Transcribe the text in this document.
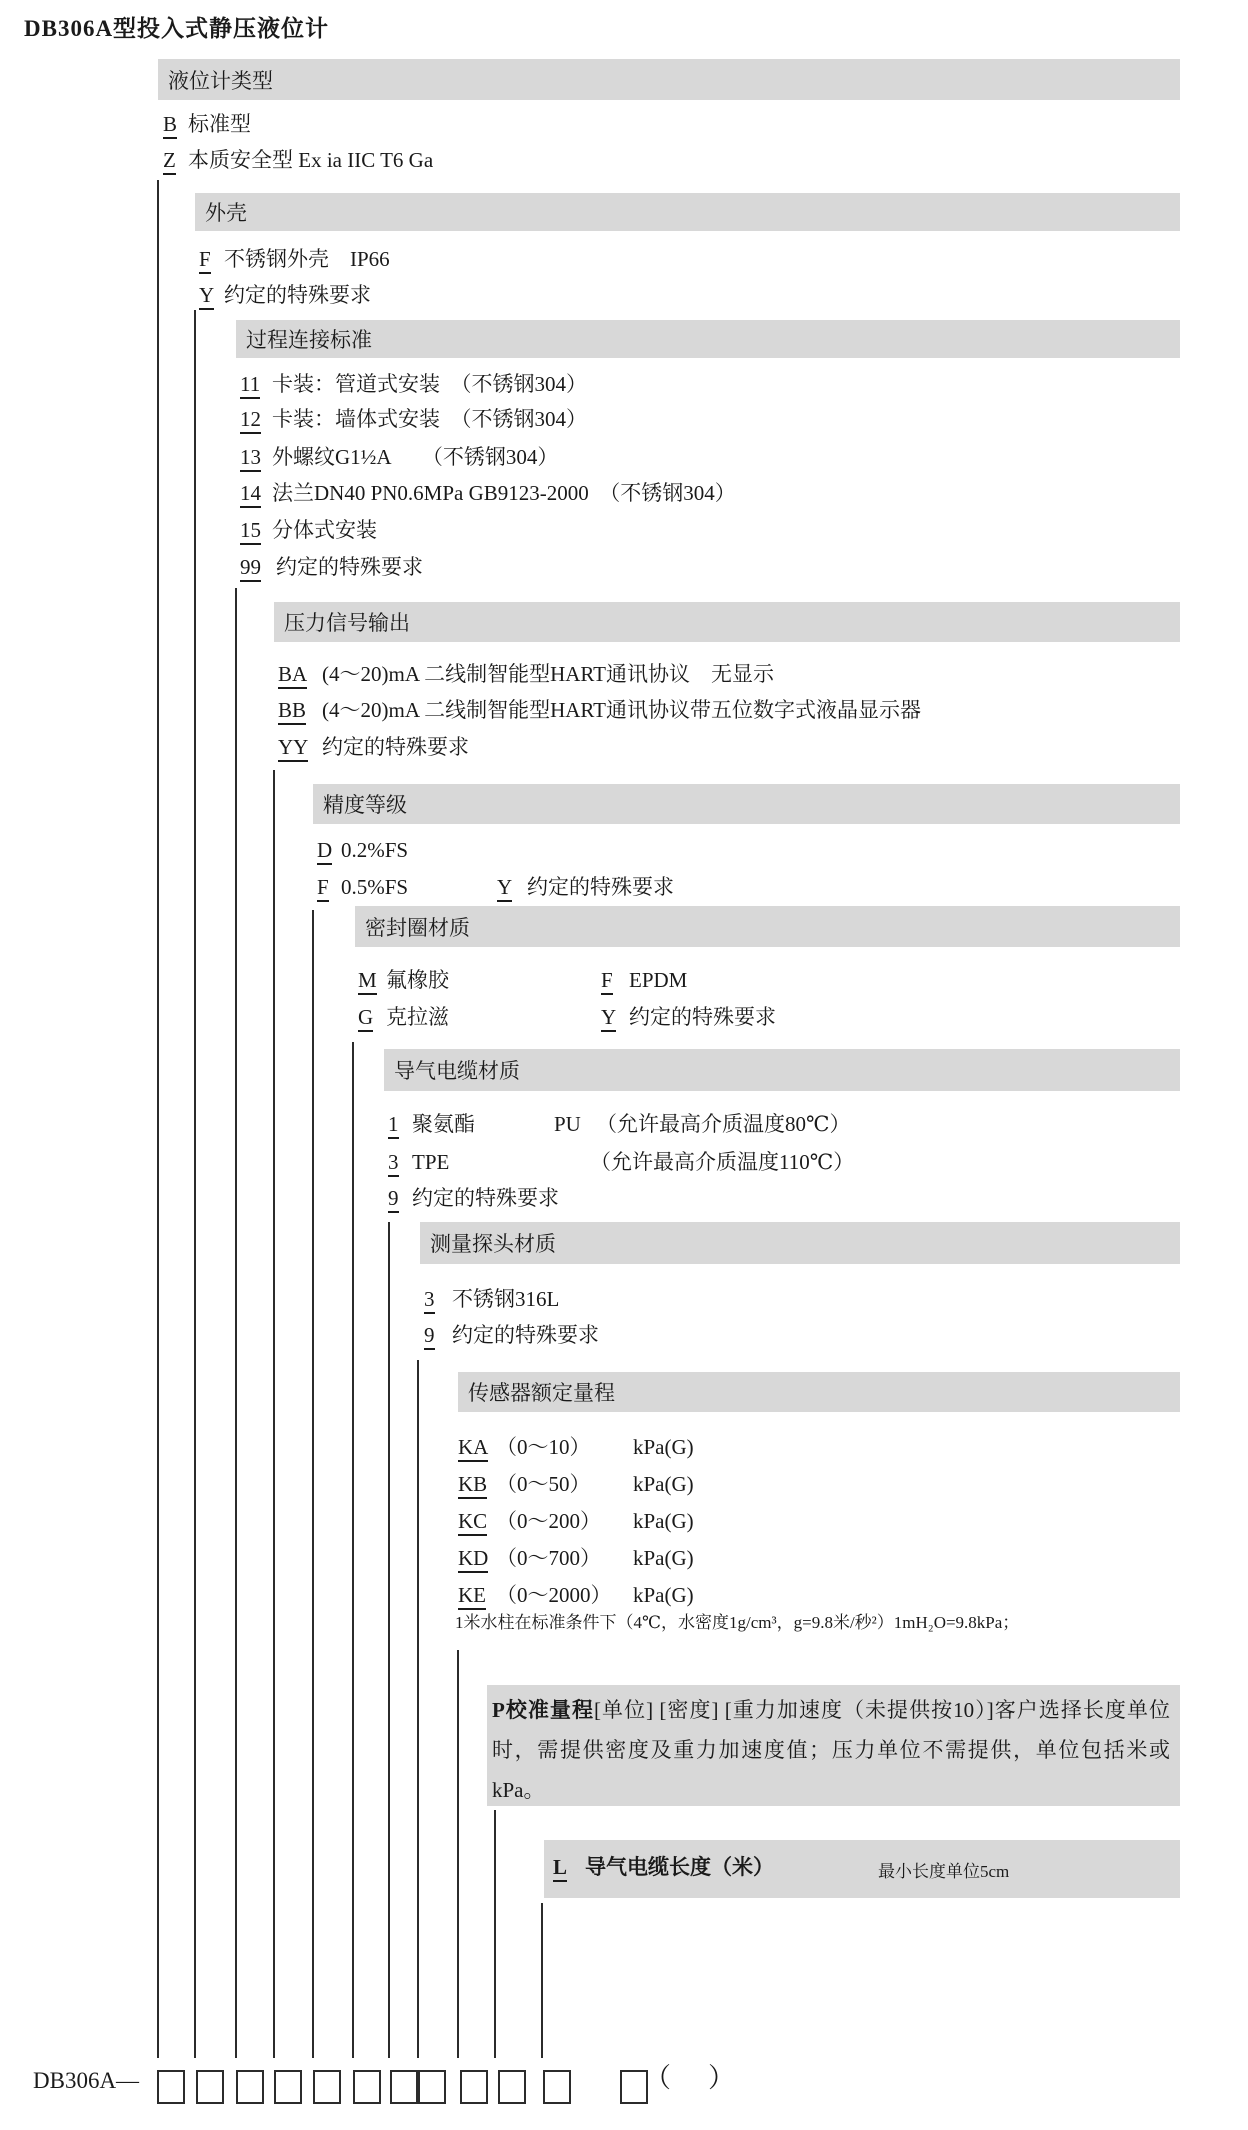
DB306A型投入式静压液位计
液位计类型
B 标准型
Z 本质安全型 Ex ia IIC T6 Ga
外壳
F 不锈钢外壳　IP66
Y 约定的特殊要求
过程连接标准
11 卡装：管道式安装　（不锈钢304）
12 卡装：墙体式安装　（不锈钢304）
13 外螺纹G1½A　　（不锈钢304）
14 法兰DN40 PN0.6MPa GB9123-2000　（不锈钢304）
15 分体式安装
99 约定的特殊要求
压力信号输出
BA (4～20)mA 二线制智能型HART通讯协议　无显示
BB (4～20)mA 二线制智能型HART通讯协议带五位数字式液晶显示器
YY 约定的特殊要求
精度等级
D 0.2%FS
F 0.5%FS	Y 约定的特殊要求
密封圈材质
M 氟橡胶	F EPDM
G 克拉滋	Y 约定的特殊要求
导气电缆材质
1 聚氨酯	PU （允许最高介质温度80℃）
3 TPE	（允许最高介质温度110℃）
9 约定的特殊要求
测量探头材质
3 不锈钢316L
9 约定的特殊要求
传感器额定量程
KA （0～10） kPa(G)
KB （0～50） kPa(G)
KC （0～200） kPa(G)
KD （0～700） kPa(G)
KE （0～2000） kPa(G)
1米水柱在标准条件下（4℃，水密度1g/cm³，g=9.8米/秒²）1mH₂O=9.8kPa；
P校准量程[单位] [密度] [重力加速度（未提供按10）]客户选择长度单位时，需提供密度及重力加速度值；压力单位不需提供，单位包括米或kPa。
L 导气电缆长度（米）	最小长度单位5cm
DB306A—	（ ）
